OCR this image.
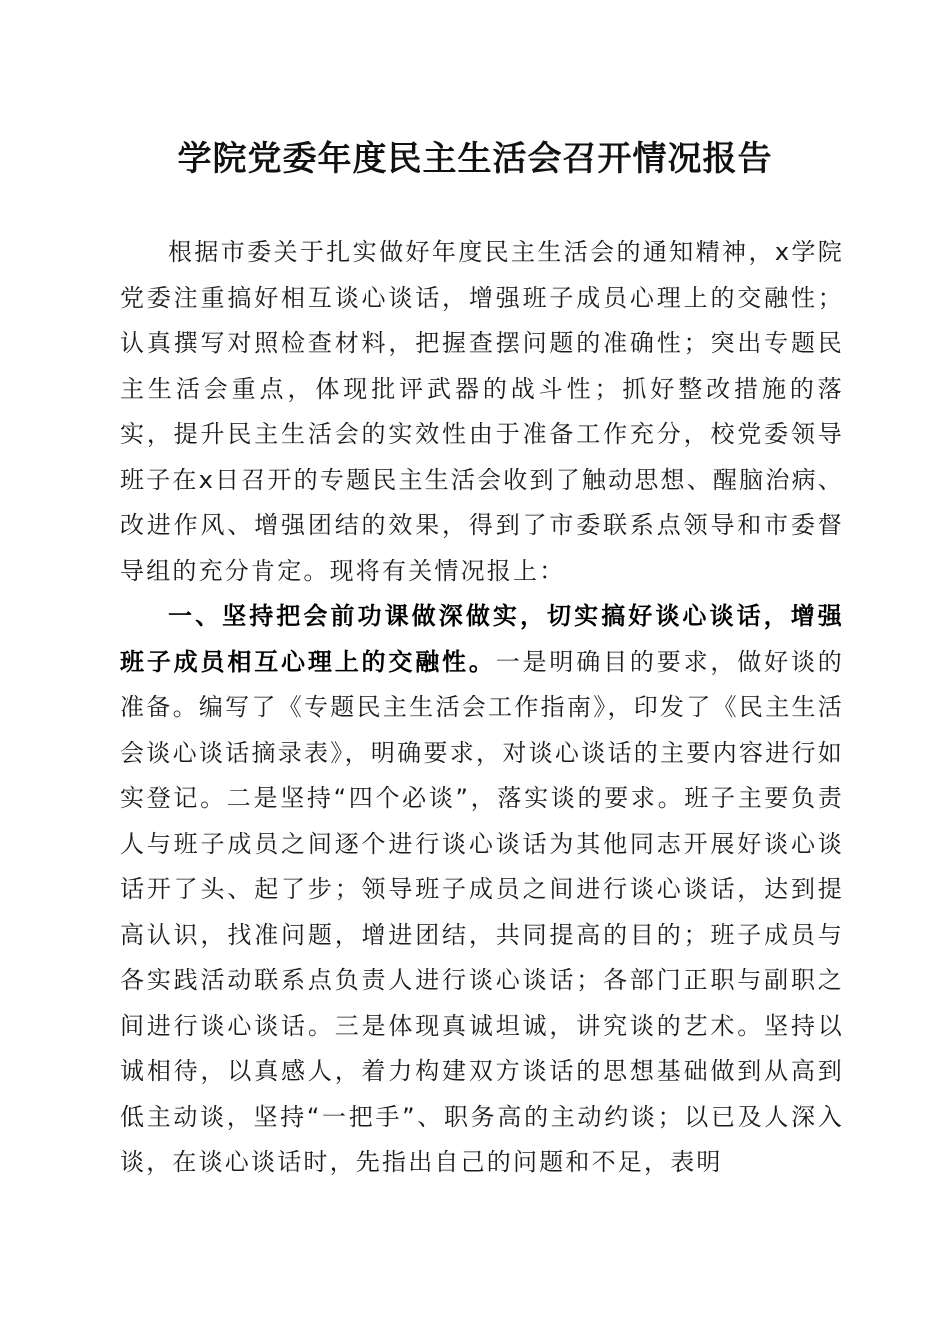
学院党委年度民主生活会召开情况报告

根据市委关于扎实做好年度民主生活会的通知精神，x学院党委注重搞好相互谈心谈话，增强班子成员心理上的交融性；认真撰写对照检查材料，把握查摆问题的准确性；突出专题民主生活会重点，体现批评武器的战斗性；抓好整改措施的落实，提升民主生活会的实效性由于准备工作充分，校党委领导班子在x日召开的专题民主生活会收到了触动思想、醒脑治病、改进作风、增强团结的效果，得到了市委联系点领导和市委督导组的充分肯定。现将有关情况报上：

一、坚持把会前功课做深做实，切实搞好谈心谈话，增强班子成员相互心理上的交融性。一是明确目的要求，做好谈的准备。编写了《专题民主生活会工作指南》，印发了《民主生活会谈心谈话摘录表》，明确要求，对谈心谈话的主要内容进行如实登记。二是坚持“四个必谈”，落实谈的要求。班子主要负责人与班子成员之间逐个进行谈心谈话为其他同志开展好谈心谈话开了头、起了步；领导班子成员之间进行谈心谈话，达到提高认识，找准问题，增进团结，共同提高的目的；班子成员与各实践活动联系点负责人进行谈心谈话；各部门正职与副职之间进行谈心谈话。三是体现真诚坦诚，讲究谈的艺术。坚持以诚相待，以真感人，着力构建双方谈话的思想基础做到从高到低主动谈，坚持“一把手”、职务高的主动约谈；以已及人深入谈，在谈心谈话时，先指出自己的问题和不足，表明
